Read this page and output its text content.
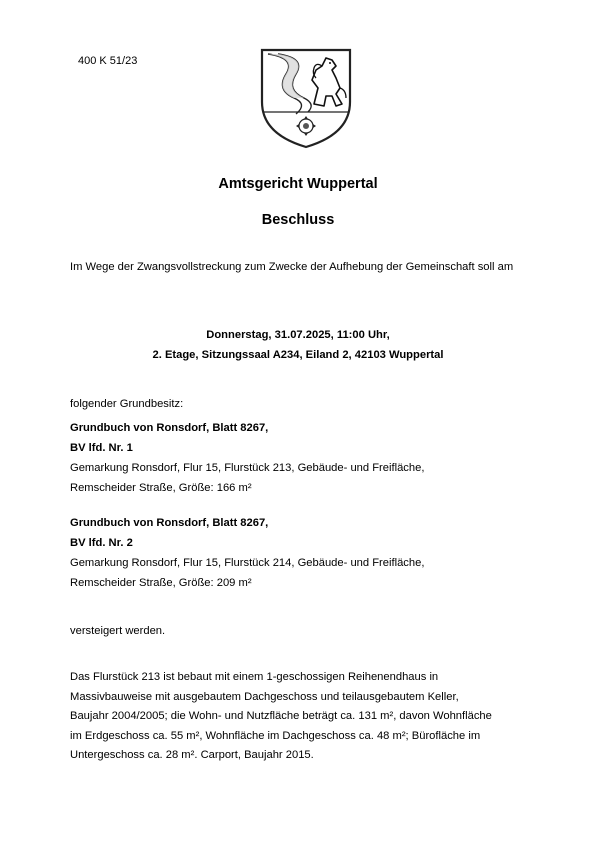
400 K 51/23
Amtsgericht Wuppertal
Beschluss
Im Wege der Zwangsvollstreckung zum Zwecke der Aufhebung der Gemeinschaft soll am
Donnerstag, 31.07.2025, 11:00 Uhr,
2. Etage, Sitzungssaal A234, Eiland 2, 42103 Wuppertal
folgender Grundbesitz:
Grundbuch von Ronsdorf, Blatt 8267,
BV lfd. Nr. 1
Gemarkung Ronsdorf, Flur 15, Flurstück 213, Gebäude- und Freifläche,
Remscheider Straße, Größe: 166 m²
Grundbuch von Ronsdorf, Blatt 8267,
BV lfd. Nr. 2
Gemarkung Ronsdorf, Flur 15, Flurstück 214, Gebäude- und Freifläche,
Remscheider Straße, Größe: 209 m²
versteigert werden.
Das Flurstück 213 ist bebaut mit einem 1-geschossigen Reihenendhaus in
Massivbauweise mit ausgebautem Dachgeschoss und teilausgebautem Keller,
Baujahr 2004/2005; die Wohn- und Nutzfläche beträgt ca. 131 m², davon Wohnfläche
im Erdgeschoss ca. 55 m², Wohnfläche im Dachgeschoss ca. 48 m²; Bürofläche im
Untergeschoss ca. 28 m². Carport, Baujahr 2015.
